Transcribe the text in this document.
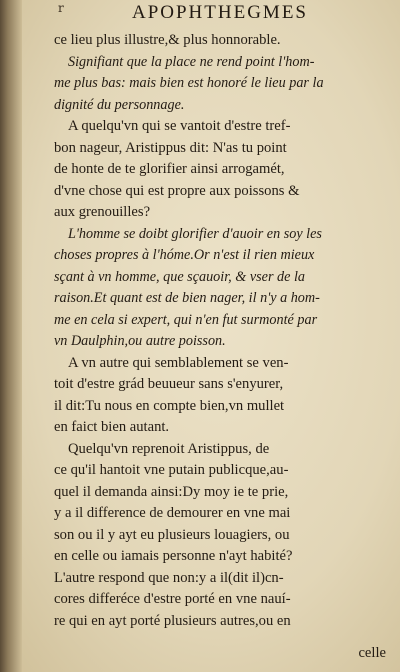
r	APOPHTHEGMES
ce lieu plus illustre,& plus honnorable.
Signifiant que la place ne rend point l'hom-
me plus bas: mais bien est honoré le lieu par la
dignité du personnage.
A quelqu'vn qui se vantoit d'estre tref-
bon nageur, Aristippus dit: N'as tu point
de honte de te glorifier ainsi arrogamét,
d'vne chose qui est propre aux poissons &
aux grenouilles?
L'homme se doibt glorifier d'auoir en soy les
choses propres à l'hóme.Or n'est il rien mieux
sçant à vn homme, que sçauoir, & vser de la
raison.Et quant est de bien nager, il n'y a hom-
me en cela si expert, qui n'en fut surmonté par
vn Daulphin,ou autre poisson.
A vn autre qui semblablement se ven-
toit d'estre grád beuueur sans s'enyurer,
il dit:Tu nous en compte bien,vn mullet
en faict bien autant.
Quelqu'vn reprenoit Aristippus, de
ce qu'il hantoit vne putain publicque,au-
quel il demanda ainsi:Dy moy ie te prie,
y a il difference de demourer en vne mai
son ou il y ayt eu plusieurs louagiers, ou
en celle ou iamais personne n'ayt habité?
L'autre respond que non:y a il(dit il)cn-
cores differéce d'estre porté en vne nauí-
re qui en ayt porté plusieurs autres,ou en
celle
